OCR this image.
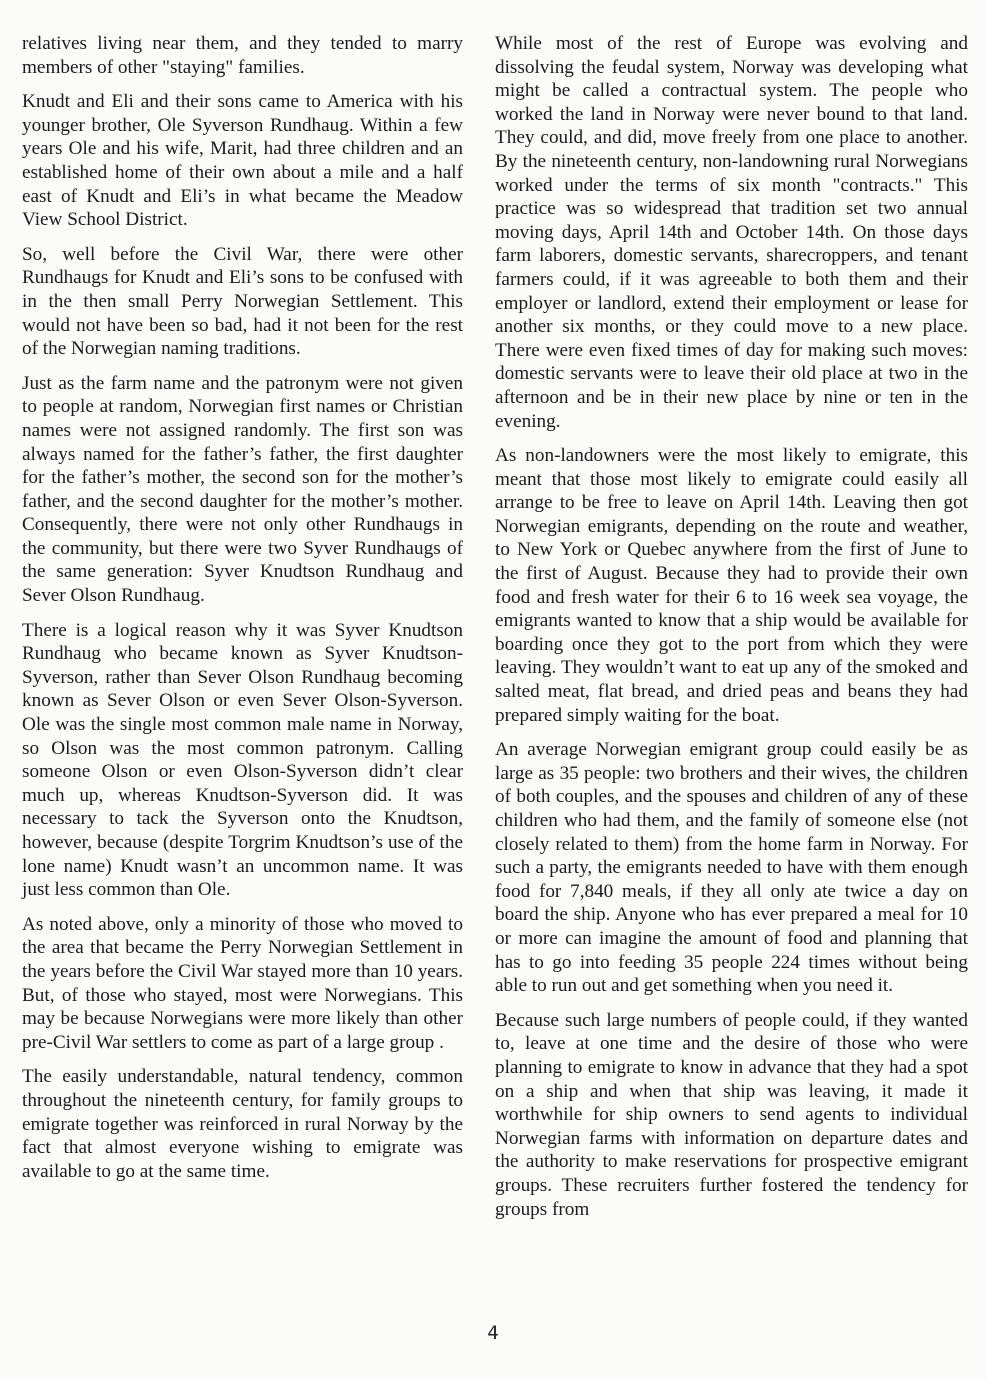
relatives living near them, and they tended to marry members of other "staying" families.

Knudt and Eli and their sons came to America with his younger brother, Ole Syverson Rundhaug. Within a few years Ole and his wife, Marit, had three children and an established home of their own about a mile and a half east of Knudt and Eli’s in what became the Meadow View School District.

So, well before the Civil War, there were other Rundhaugs for Knudt and Eli’s sons to be confused with in the then small Perry Norwegian Settlement. This would not have been so bad, had it not been for the rest of the Norwegian naming traditions.

Just as the farm name and the patronym were not given to people at random, Norwegian first names or Christian names were not assigned randomly. The first son was always named for the father’s father, the first daughter for the father’s mother, the second son for the mother’s father, and the second daughter for the mother’s mother. Consequently, there were not only other Rundhaugs in the community, but there were two Syver Rundhaugs of the same generation: Syver Knudtson Rundhaug and Sever Olson Rundhaug.

There is a logical reason why it was Syver Knudtson Rundhaug who became known as Syver Knudtson-Syverson, rather than Sever Olson Rundhaug becoming known as Sever Olson or even Sever Olson-Syverson. Ole was the single most common male name in Norway, so Olson was the most common patronym. Calling someone Olson or even Olson-Syverson didn’t clear much up, whereas Knudtson-Syverson did. It was necessary to tack the Syverson onto the Knudtson, however, because (despite Torgrim Knudtson’s use of the lone name) Knudt wasn’t an uncommon name. It was just less common than Ole.

As noted above, only a minority of those who moved to the area that became the Perry Norwegian Settlement in the years before the Civil War stayed more than 10 years. But, of those who stayed, most were Norwegians. This may be because Norwegians were more likely than other pre-Civil War settlers to come as part of a large group .

The easily understandable, natural tendency, common throughout the nineteenth century, for family groups to emigrate together was reinforced in rural Norway by the fact that almost everyone wishing to emigrate was available to go at the same time.

While most of the rest of Europe was evolving and dissolving the feudal system, Norway was developing what might be called a contractual system. The people who worked the land in Norway were never bound to that land. They could, and did, move freely from one place to another. By the nineteenth century, non-landowning rural Norwegians worked under the terms of six month "contracts." This practice was so widespread that tradition set two annual moving days, April 14th and October 14th. On those days farm laborers, domestic servants, sharecroppers, and tenant farmers could, if it was agreeable to both them and their employer or landlord, extend their employment or lease for another six months, or they could move to a new place. There were even fixed times of day for making such moves: domestic servants were to leave their old place at two in the afternoon and be in their new place by nine or ten in the evening.

As non-landowners were the most likely to emigrate, this meant that those most likely to emigrate could easily all arrange to be free to leave on April 14th. Leaving then got Norwegian emigrants, depending on the route and weather, to New York or Quebec anywhere from the first of June to the first of August. Because they had to provide their own food and fresh water for their 6 to 16 week sea voyage, the emigrants wanted to know that a ship would be available for boarding once they got to the port from which they were leaving. They wouldn’t want to eat up any of the smoked and salted meat, flat bread, and dried peas and beans they had prepared simply waiting for the boat.

An average Norwegian emigrant group could easily be as large as 35 people: two brothers and their wives, the children of both couples, and the spouses and children of any of these children who had them, and the family of someone else (not closely related to them) from the home farm in Norway. For such a party, the emigrants needed to have with them enough food for 7,840 meals, if they all only ate twice a day on board the ship. Anyone who has ever prepared a meal for 10 or more can imagine the amount of food and planning that has to go into feeding 35 people 224 times without being able to run out and get something when you need it.

Because such large numbers of people could, if they wanted to, leave at one time and the desire of those who were planning to emigrate to know in advance that they had a spot on a ship and when that ship was leaving, it made it worthwhile for ship owners to send agents to individual Norwegian farms with information on departure dates and the authority to make reservations for prospective emigrant groups. These recruiters further fostered the tendency for groups from

4
